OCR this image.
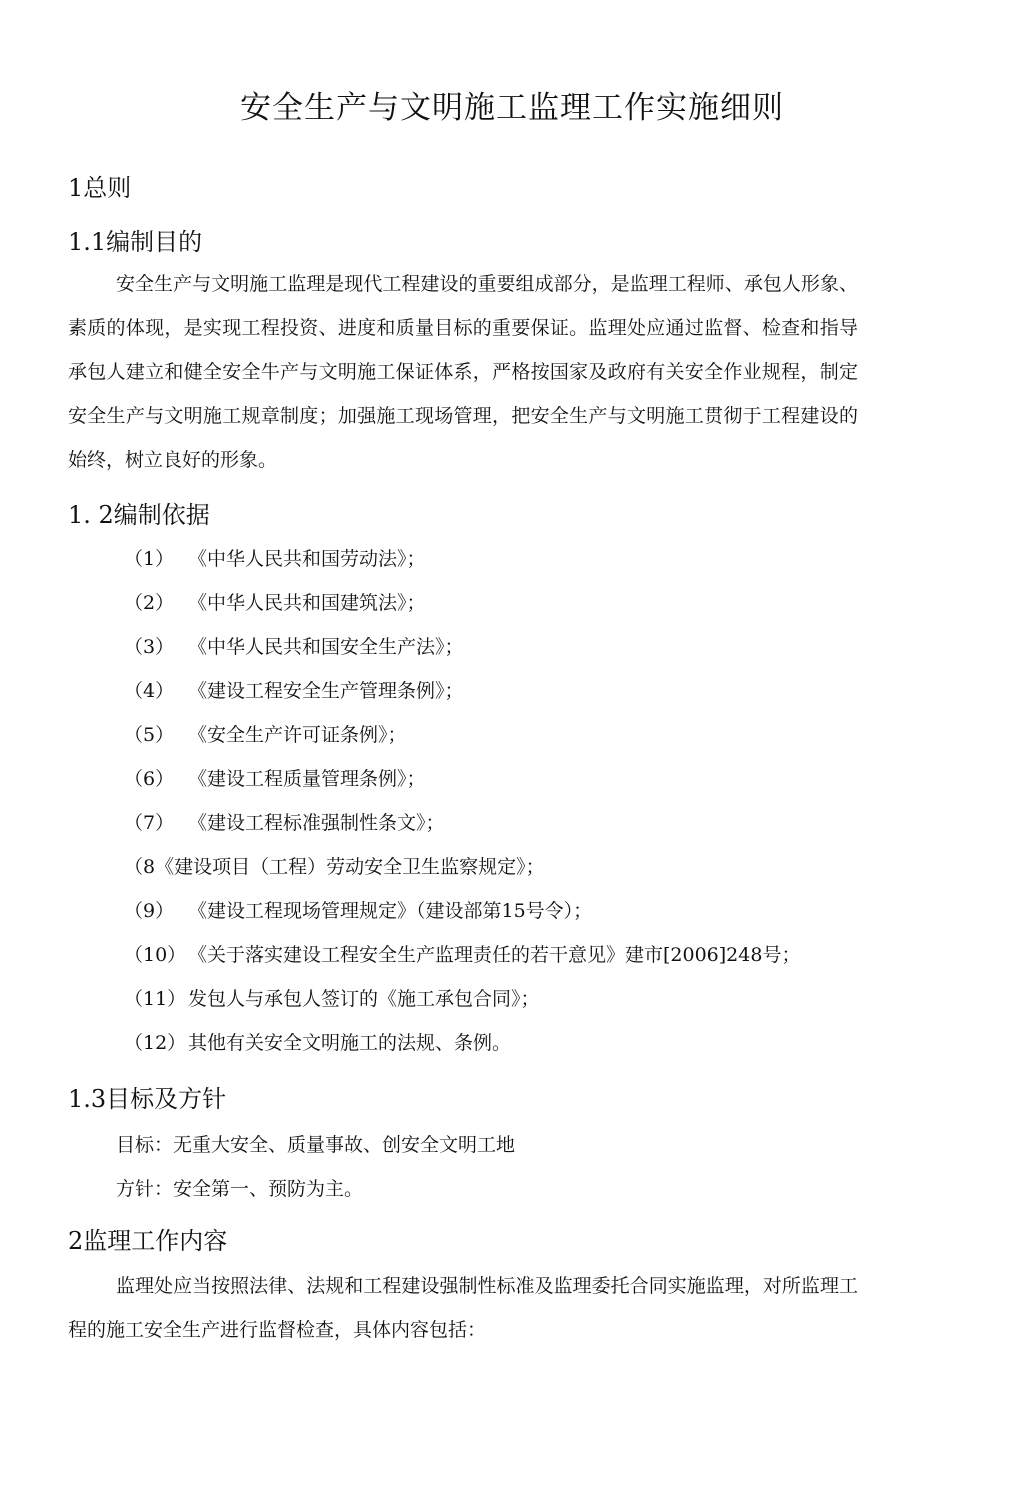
安全生产与文明施工监理工作实施细则
1总则
1.1编制目的
安全生产与文明施工监理是现代工程建设的重要组成部分，是监理工程师、承包人形象、素质的体现，是实现工程投资、进度和质量目标的重要保证。监理处应通过监督、检查和指导承包人建立和健全安全牛产与文明施工保证体系，严格按国家及政府有关安全作业规程，制定安全生产与文明施工规章制度；加强施工现场管理，把安全生产与文明施工贯彻于工程建设的始终，树立良好的形象。
1. 2编制依据
（1） 《中华人民共和国劳动法》；
（2） 《中华人民共和国建筑法》；
（3） 《中华人民共和国安全生产法》；
（4） 《建设工程安全生产管理条例》；
（5） 《安全生产许可证条例》；
（6） 《建设工程质量管理条例》；
（7） 《建设工程标准强制性条文》；
（8《建设项目（工程）劳动安全卫生监察规定》；
（9） 《建设工程现场管理规定》（建设部第15号令）；
（10）《关于落实建设工程安全生产监理责任的若干意见》建市[2006]248号；
（11）发包人与承包人签订的《施工承包合同》；
（12）其他有关安全文明施工的法规、条例。
1.3目标及方针
目标：无重大安全、质量事故、创安全文明工地
方针：安全第一、预防为主。
2监理工作内容
监理处应当按照法律、法规和工程建设强制性标准及监理委托合同实施监理，对所监理工程的施工安全生产进行监督检查，具体内容包括：
